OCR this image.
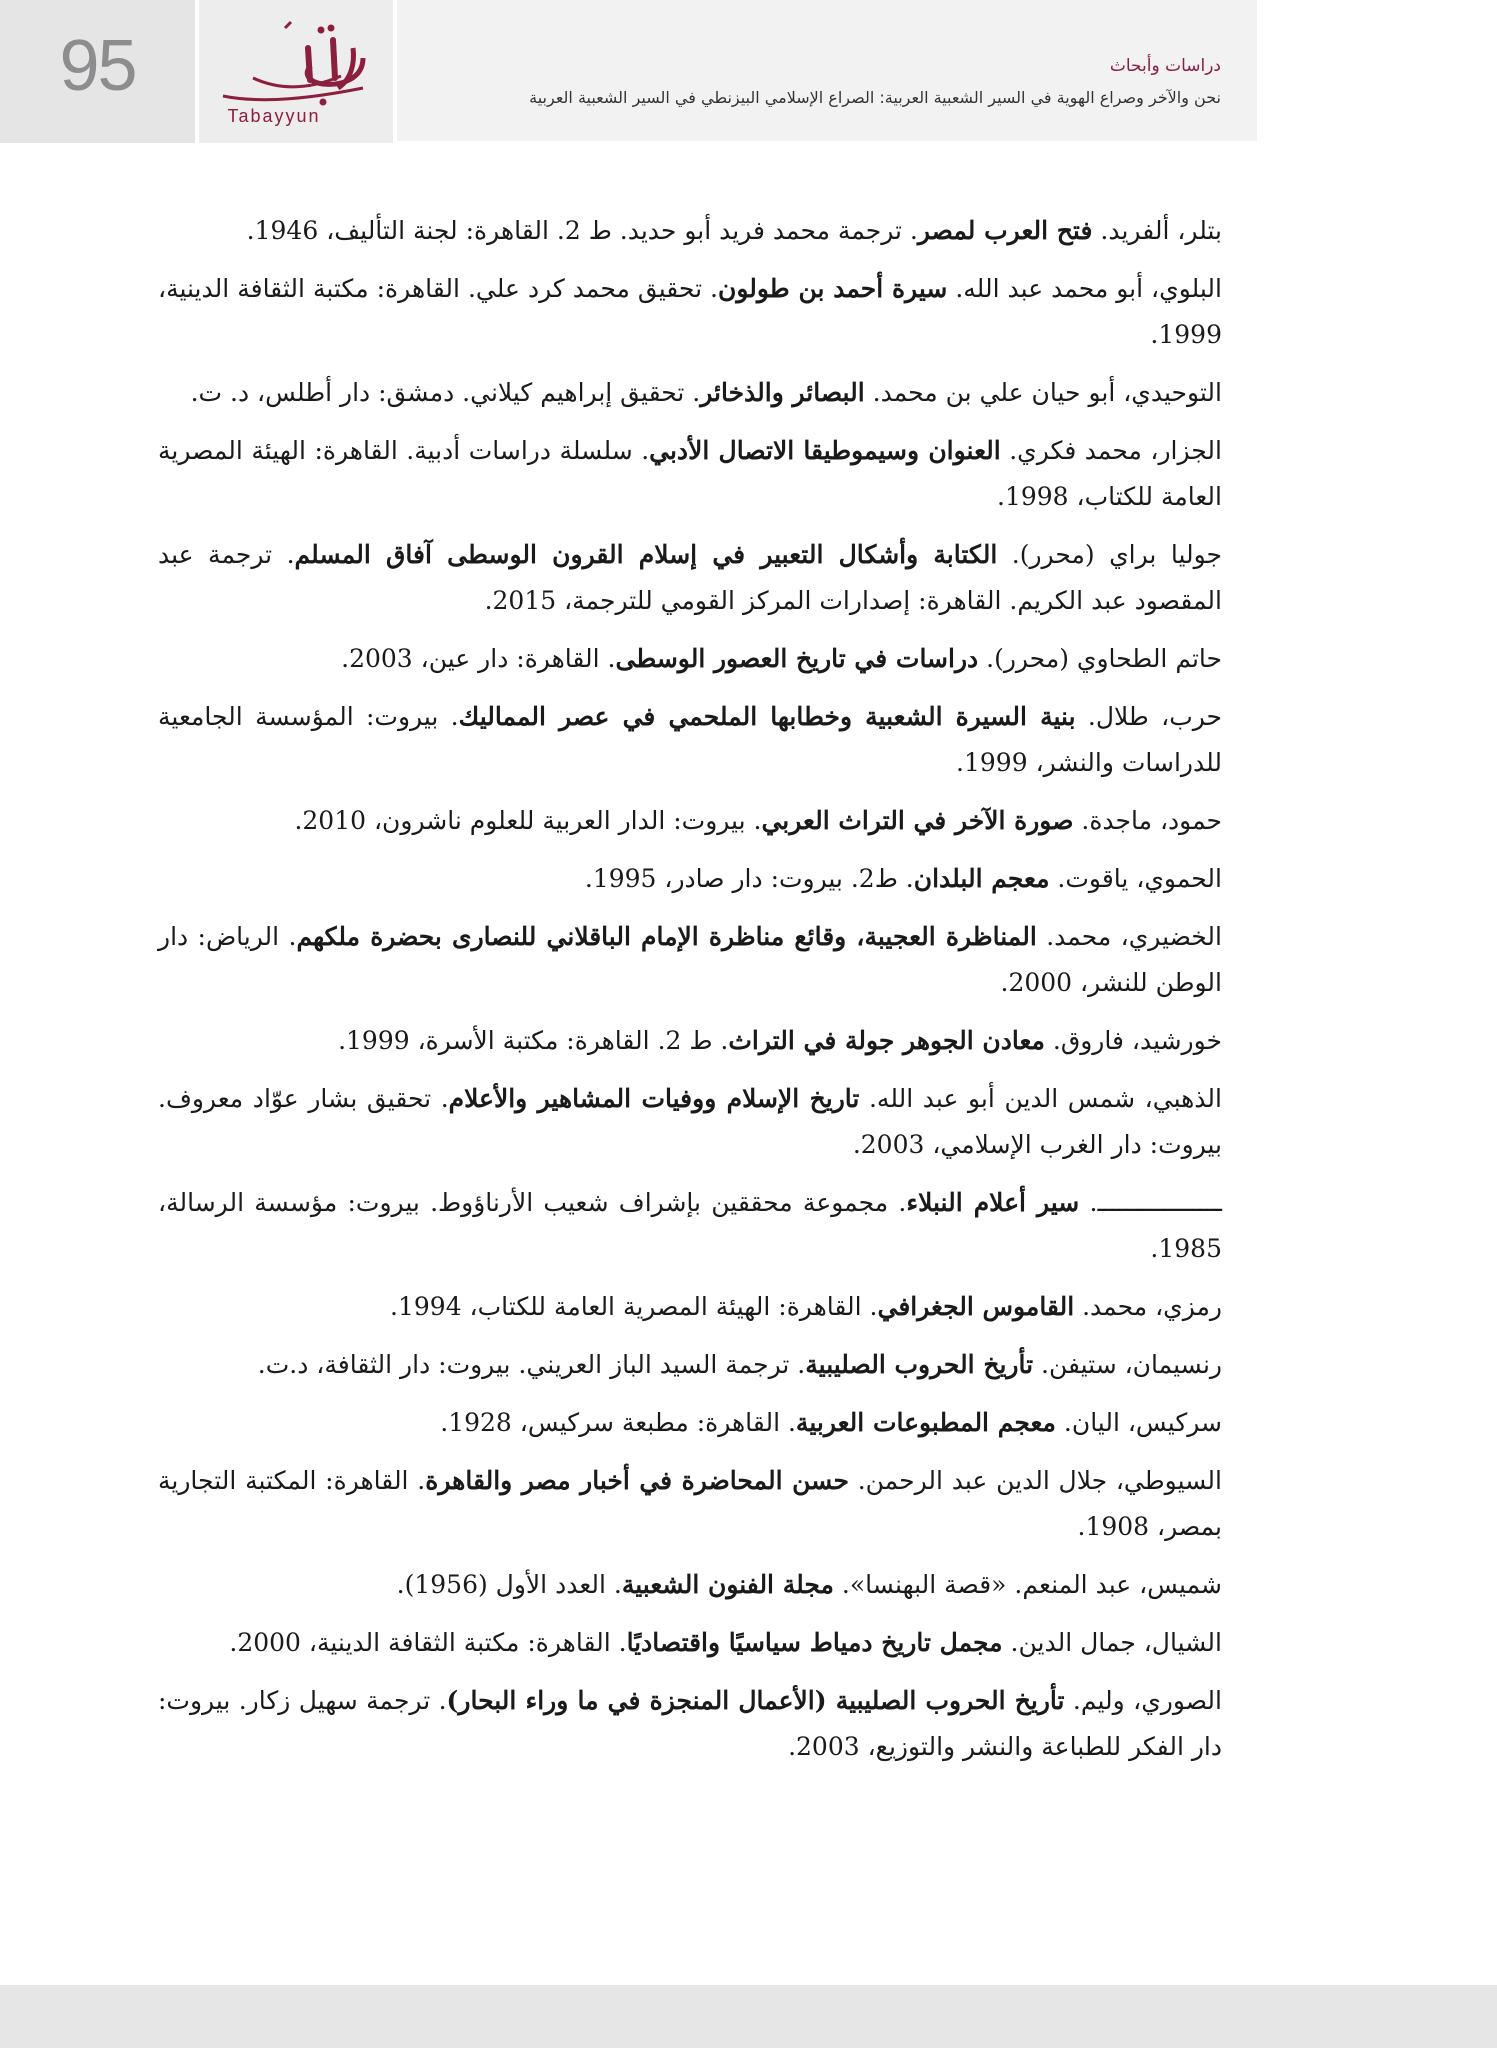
95
Tabayyun
دراسات وأبحاث
نحن والآخر وصراع الهوية في السير الشعبية العربية: الصراع الإسلامي البيزنطي في السير الشعبية العربية

بتلر، ألفريد. فتح العرب لمصر. ترجمة محمد فريد أبو حديد. ط 2. القاهرة: لجنة التأليف، 1946.

البلوي، أبو محمد عبد الله. سيرة أحمد بن طولون. تحقيق محمد كرد علي. القاهرة: مكتبة الثقافة الدينية، 1999.

التوحيدي، أبو حيان علي بن محمد. البصائر والذخائر. تحقيق إبراهيم كيلاني. دمشق: دار أطلس، د. ت.

الجزار، محمد فكري. العنوان وسيموطيقا الاتصال الأدبي. سلسلة دراسات أدبية. القاهرة: الهيئة المصرية العامة للكتاب، 1998.

جوليا براي (محرر). الكتابة وأشكال التعبير في إسلام القرون الوسطى آفاق المسلم. ترجمة عبد المقصود عبد الكريم. القاهرة: إصدارات المركز القومي للترجمة، 2015.

حاتم الطحاوي (محرر). دراسات في تاريخ العصور الوسطى. القاهرة: دار عين، 2003.

حرب، طلال. بنية السيرة الشعبية وخطابها الملحمي في عصر المماليك. بيروت: المؤسسة الجامعية للدراسات والنشر، 1999.

حمود، ماجدة. صورة الآخر في التراث العربي. بيروت: الدار العربية للعلوم ناشرون، 2010.

الحموي، ياقوت. معجم البلدان. ط2. بيروت: دار صادر، 1995.

الخضيري، محمد. المناظرة العجيبة، وقائع مناظرة الإمام الباقلاني للنصارى بحضرة ملكهم. الرياض: دار الوطن للنشر، 2000.

خورشيد، فاروق. معادن الجوهر جولة في التراث. ط 2. القاهرة: مكتبة الأسرة، 1999.

الذهبي، شمس الدين أبو عبد الله. تاريخ الإسلام ووفيات المشاهير والأعلام. تحقيق بشار عوّاد معروف. بيروت: دار الغرب الإسلامي، 2003.

ـــــــــــــــــ. سير أعلام النبلاء. مجموعة محققين بإشراف شعيب الأرناؤوط. بيروت: مؤسسة الرسالة، 1985.

رمزي، محمد. القاموس الجغرافي. القاهرة: الهيئة المصرية العامة للكتاب، 1994.

رنسيمان، ستيفن. تأريخ الحروب الصليبية. ترجمة السيد الباز العريني. بيروت: دار الثقافة، د.ت.

سركيس، اليان. معجم المطبوعات العربية. القاهرة: مطبعة سركيس، 1928.

السيوطي، جلال الدين عبد الرحمن. حسن المحاضرة في أخبار مصر والقاهرة. القاهرة: المكتبة التجارية بمصر، 1908.

شميس، عبد المنعم. «قصة البهنسا». مجلة الفنون الشعبية. العدد الأول (1956).

الشيال، جمال الدين. مجمل تاريخ دمياط سياسيًا واقتصاديًا. القاهرة: مكتبة الثقافة الدينية، 2000.

الصوري، وليم. تأريخ الحروب الصليبية (الأعمال المنجزة في ما وراء البحار). ترجمة سهيل زكار. بيروت: دار الفكر للطباعة والنشر والتوزيع، 2003.
